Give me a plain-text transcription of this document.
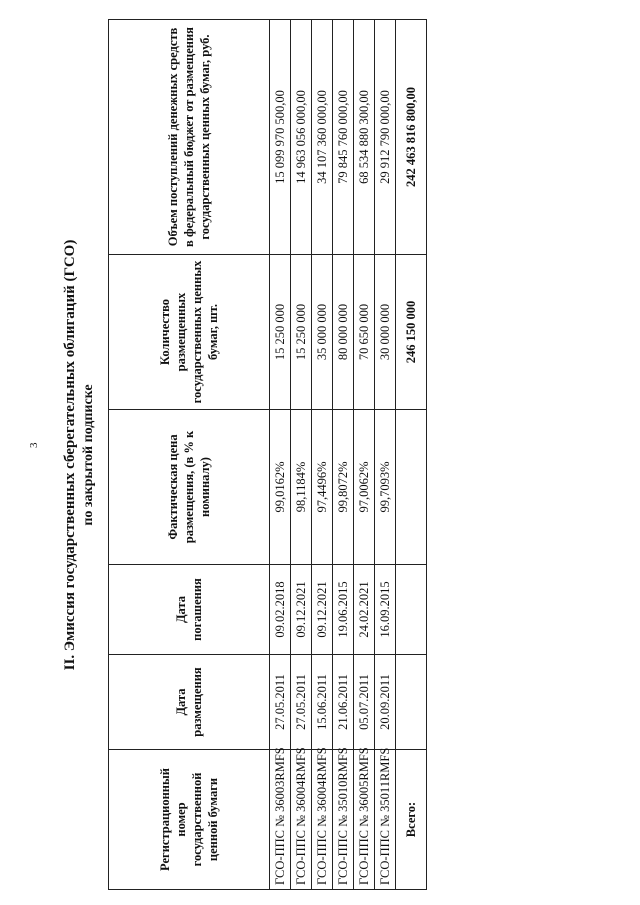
3 II. Эмиссия государственных сберегательных облигаций (ГСО) по закрытой подписке
Регистрационный номер государственной ценной бумаги	Дата размещения	Дата погашения	Фактическая цена размещения, (в % к номиналу)	Количество размещенных государственных ценных бумаг, шт.	Объем поступлений денежных средств в федеральный бюджет от размещения государственных ценных бумаг, руб.
ГСО-ППС № 36003RMFS	27.05.2011	09.02.2018	99,0162%	15 250 000	15 099 970 500,00
ГСО-ППС № 36004RMFS	27.05.2011	09.12.2021	98,1184%	15 250 000	14 963 056 000,00
ГСО-ППС № 36004RMFS	15.06.2011	09.12.2021	97,4496%	35 000 000	34 107 360 000,00
ГСО-ППС № 35010RMFS	21.06.2011	19.06.2015	99,8072%	80 000 000	79 845 760 000,00
ГСО-ППС № 36005RMFS	05.07.2011	24.02.2021	97,0062%	70 650 000	68 534 880 300,00
ГСО-ППС № 35011RMFS	20.09.2011	16.09.2015	99,7093%	30 000 000	29 912 790 000,00
Всего:				246 150 000	242 463 816 800,00
